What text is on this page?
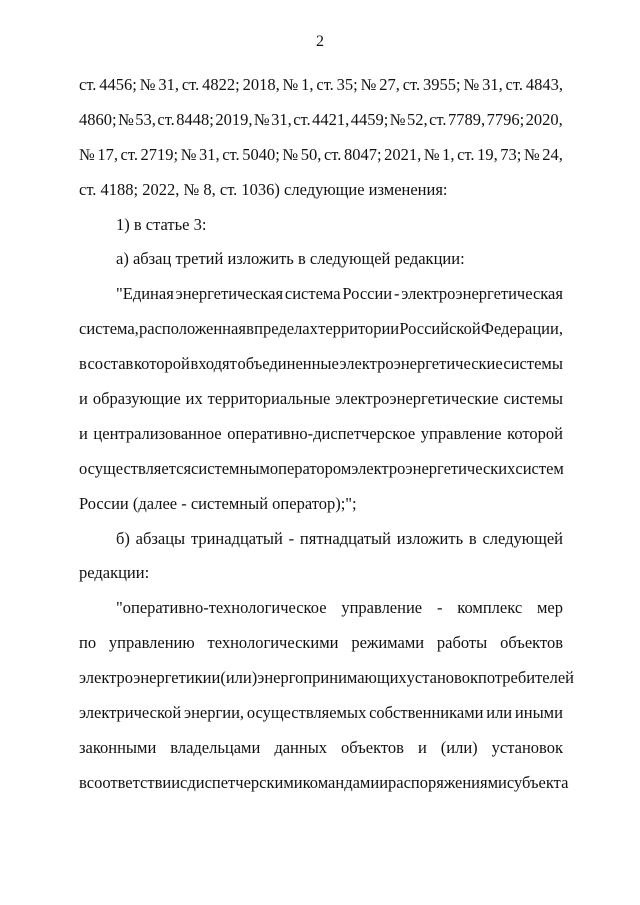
2
ст. 4456; № 31, ст. 4822; 2018, № 1, ст. 35; № 27, ст. 3955; № 31, ст. 4843,
4860; № 53, ст. 8448; 2019, № 31, ст. 4421, 4459; № 52, ст. 7789, 7796; 2020,
№ 17, ст. 2719; № 31, ст. 5040; № 50, ст. 8047; 2021, № 1, ст. 19, 73; № 24,
ст. 4188; 2022, № 8, ст. 1036) следующие изменения:
1) в статье 3:
а) абзац третий изложить в следующей редакции:
"Единая энергетическая система России - электроэнергетическая
система, расположенная в пределах территории Российской Федерации,
в состав которой входят объединенные электроэнергетические системы
и образующие их территориальные электроэнергетические системы
и централизованное оперативно-диспетчерское управление которой
осуществляется системным оператором электроэнергетических систем
России (далее - системный оператор);";
б) абзацы тринадцатый - пятнадцатый изложить в следующей
редакции:
"оперативно-технологическое управление - комплекс мер
по управлению технологическими режимами работы объектов
электроэнергетики и (или) энергопринимающих установок потребителей
электрической энергии, осуществляемых собственниками или иными
законными владельцами данных объектов и (или) установок
в соответствии с диспетчерскими командами и распоряжениями субъекта
